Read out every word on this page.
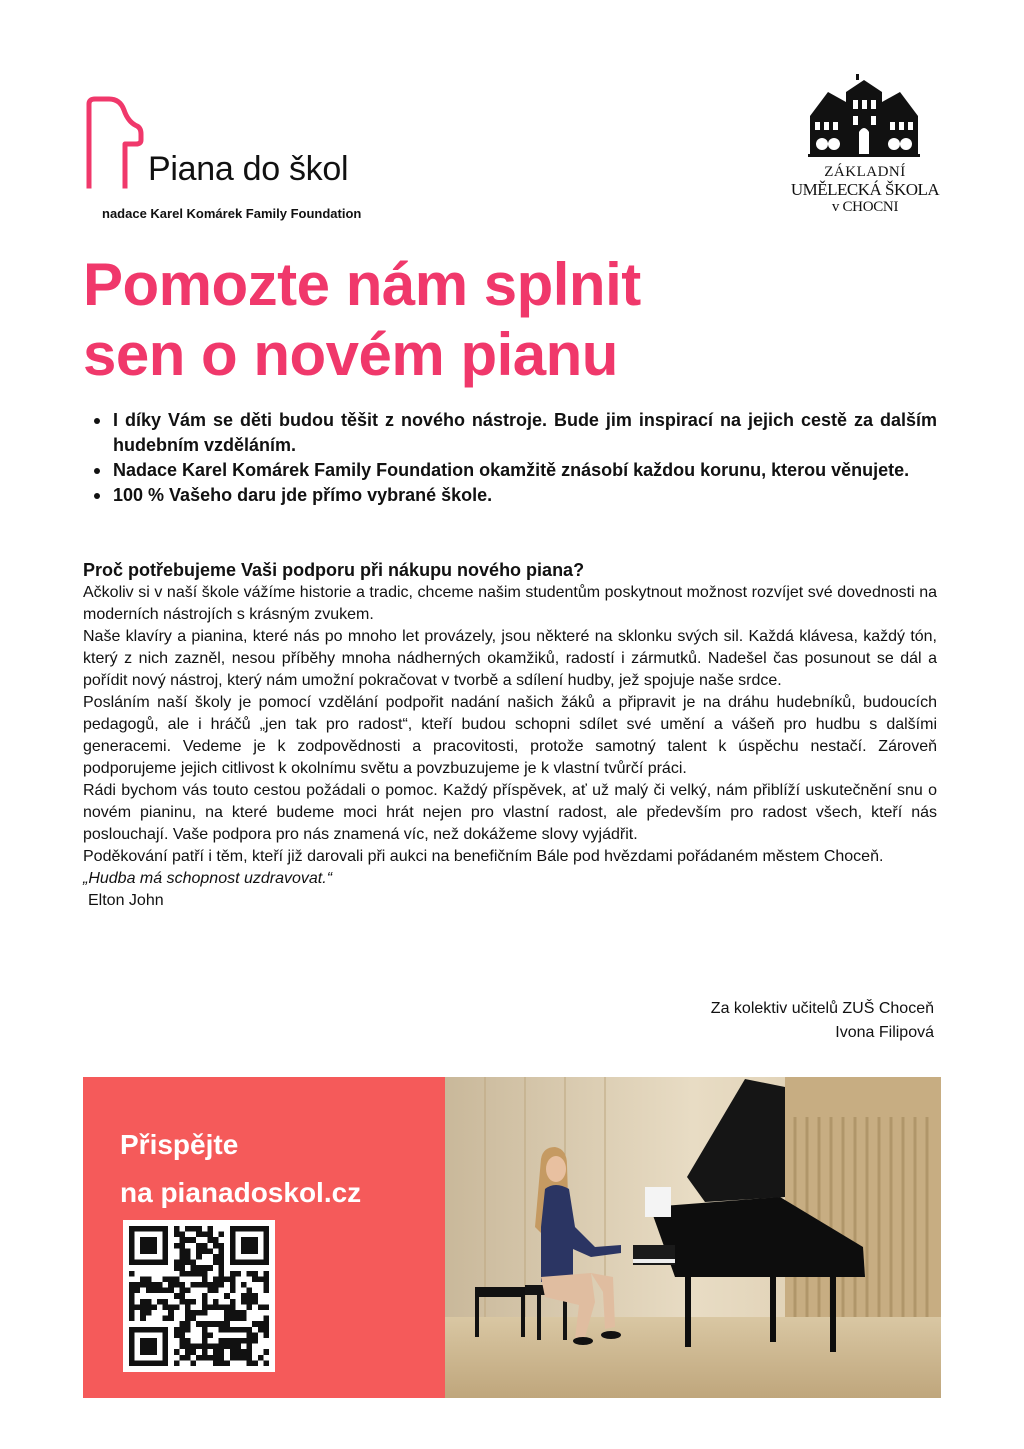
Piana do škol
nadace Karel Komárek Family Foundation
ZÁKLADNÍ
UMĚLECKÁ ŠKOLA
v CHOCNI
Pomozte nám splnit
sen o novém pianu
I díky Vám se děti budou těšit z nového nástroje. Bude jim inspirací na jejich cestě za dalším hudebním vzděláním.
Nadace Karel Komárek Family Foundation okamžitě znásobí každou korunu, kterou věnujete.
100 % Vašeho daru jde přímo vybrané škole.
Proč potřebujeme Vaši podporu při nákupu nového piana?

Ačkoliv si v naší škole vážíme historie a tradic, chceme našim studentům poskytnout možnost rozvíjet své dovednosti na moderních nástrojích s krásným zvukem.

Naše klavíry a pianina, které nás po mnoho let provázely, jsou některé na sklonku svých sil. Každá klávesa, každý tón, který z nich zazněl, nesou příběhy mnoha nádherných okamžiků, radostí i zármutků. Nadešel čas posunout se dál a pořídit nový nástroj, který nám umožní pokračovat v tvorbě a sdílení hudby, jež spojuje naše srdce.

Posláním naší školy je pomocí vzdělání podpořit nadání našich žáků a připravit je na dráhu hudebníků, budoucích pedagogů, ale i hráčů „jen tak pro radost“, kteří budou schopni sdílet své umění a vášeň pro hudbu s dalšími generacemi. Vedeme je k zodpovědnosti a pracovitosti, protože samotný talent k úspěchu nestačí. Zároveň podporujeme jejich citlivost k okolnímu světu a povzbuzujeme je k vlastní tvůrčí práci.

Rádi bychom vás touto cestou požádali o pomoc. Každý příspěvek, ať už malý či velký, nám přiblíží uskutečnění snu o novém pianinu, na které budeme moci hrát nejen pro vlastní radost, ale především pro radost všech, kteří nás poslouchají. Vaše podpora pro nás znamená víc, než dokážeme slovy vyjádřit.

Poděkování patří i těm, kteří již darovali při aukci na benefičním Bále pod hvězdami pořádaném městem Choceň.

„Hudba má schopnost uzdravovat.“

Elton John

Za kolektiv učitelů ZUŠ Choceň
Ivona Filipová
Přispějte
na pianadoskol.cz
